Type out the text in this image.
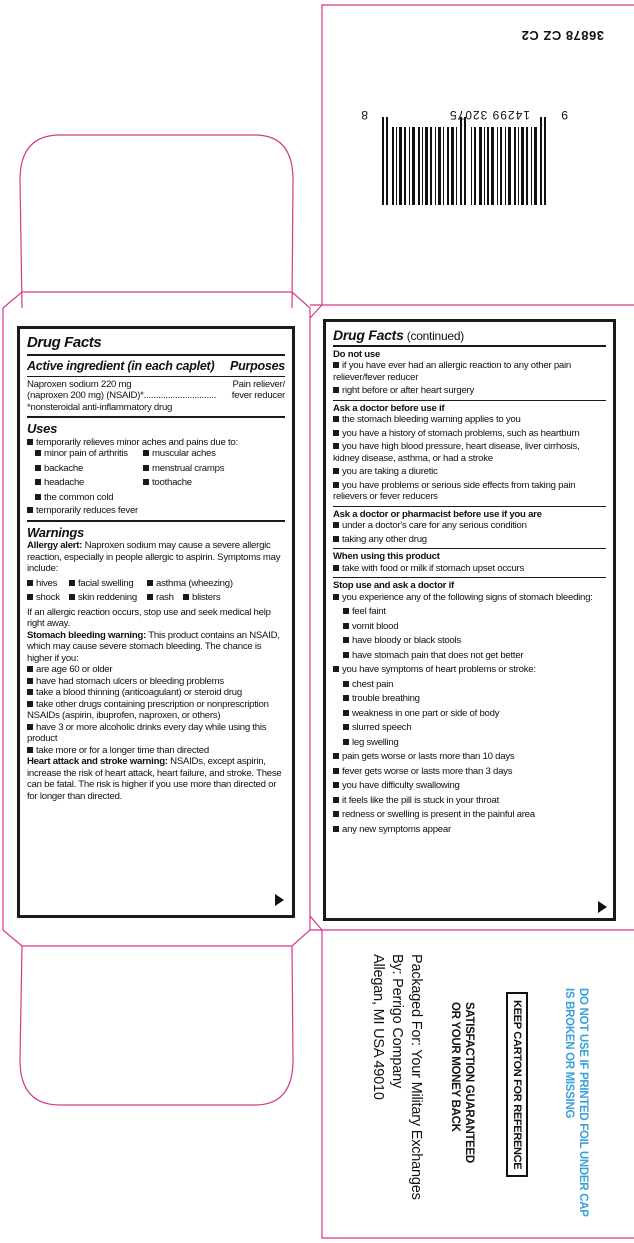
36878 CZ C2
9
14299 32075
8
Drug Facts
Active ingredient (in each caplet) Purposes
Naproxen sodium 220 mg	Pain reliever/
(naproxen 200 mg) (NSAID)*.............................. fever reducer
*nonsteroidal anti-inflammatory drug
Uses
temporarily relieves minor aches and pains due to:
minor pain of arthritis
backache
headache
the common cold
muscular aches
menstrual cramps
toothache
temporarily reduces fever
Warnings
Allergy alert: Naproxen sodium may cause a severe allergic reaction, especially in people allergic to aspirin. Symptoms may include:
hives	facial swelling	asthma (wheezing)
shock	skin reddening	rash	blisters
If an allergic reaction occurs, stop use and seek medical help right away.
Stomach bleeding warning: This product contains an NSAID, which may cause severe stomach bleeding. The chance is higher if you:
are age 60 or older
have had stomach ulcers or bleeding problems
take a blood thinning (anticoagulant) or steroid drug
take other drugs containing prescription or nonprescription NSAIDs (aspirin, ibuprofen, naproxen, or others)
have 3 or more alcoholic drinks every day while using this product
take more or for a longer time than directed
Heart attack and stroke warning: NSAIDs, except aspirin, increase the risk of heart attack, heart failure, and stroke. These can be fatal. The risk is higher if you use more than directed or for longer than directed.
Drug Facts (continued)
Do not use
if you have ever had an allergic reaction to any other pain reliever/fever reducer
right before or after heart surgery
Ask a doctor before use if
the stomach bleeding warning applies to you
you have a history of stomach problems, such as heartburn
you have high blood pressure, heart disease, liver cirrhosis, kidney disease, asthma, or had a stroke
you are taking a diuretic
you have problems or serious side effects from taking pain relievers or fever reducers
Ask a doctor or pharmacist before use if you are
under a doctor's care for any serious condition
taking any other drug
When using this product
take with food or milk if stomach upset occurs
Stop use and ask a doctor if
you experience any of the following signs of stomach bleeding:
feel faint
vomit blood
have bloody or black stools
have stomach pain that does not get better
you have symptoms of heart problems or stroke:
chest pain
trouble breathing
weakness in one part or side of body
slurred speech
leg swelling
pain gets worse or lasts more than 10 days
fever gets worse or lasts more than 3 days
you have difficulty swallowing
it feels like the pill is stuck in your throat
redness or swelling is present in the painful area
any new symptoms appear
DO NOT USE IF PRINTED FOIL UNDER CAP
IS BROKEN OR MISSING
KEEP CARTON FOR REFERENCE
SATISFACTION GUARANTEED
OR YOUR MONEY BACK
Packaged For: Your Military Exchanges
By: Perrigo Company
Allegan, MI USA 49010
